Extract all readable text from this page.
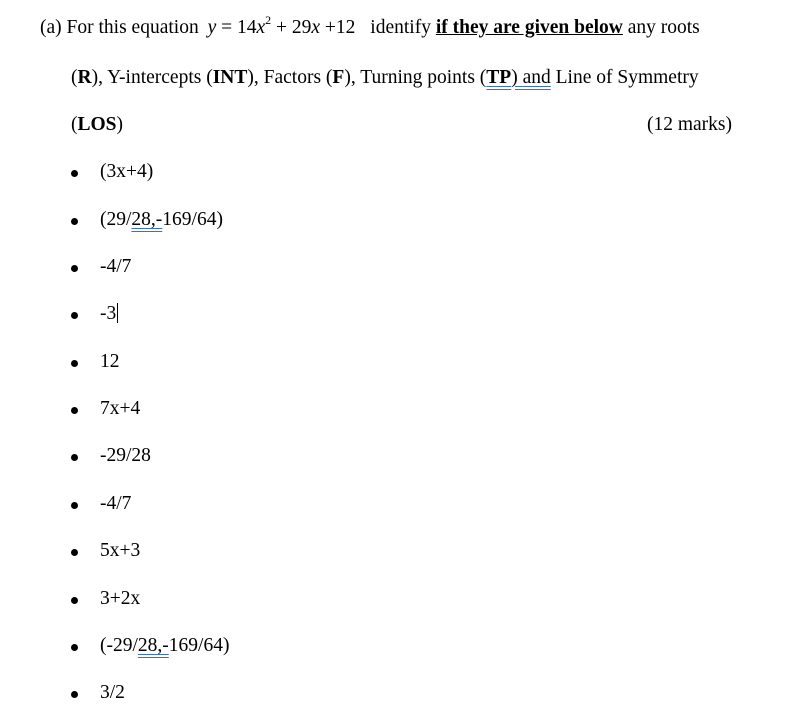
(a) For this equation $y = 14x^2 + 29x +12$ identify if they are given below any roots
(R), Y-intercepts (INT), Factors (F), Turning points (TP) and Line of Symmetry
(LOS)	(12 marks)
(3x+4)
(29/28,-169/64)
-4/7
-3
12
7x+4
-29/28
-4/7
5x+3
3+2x
(-29/28,-169/64)
3/2
